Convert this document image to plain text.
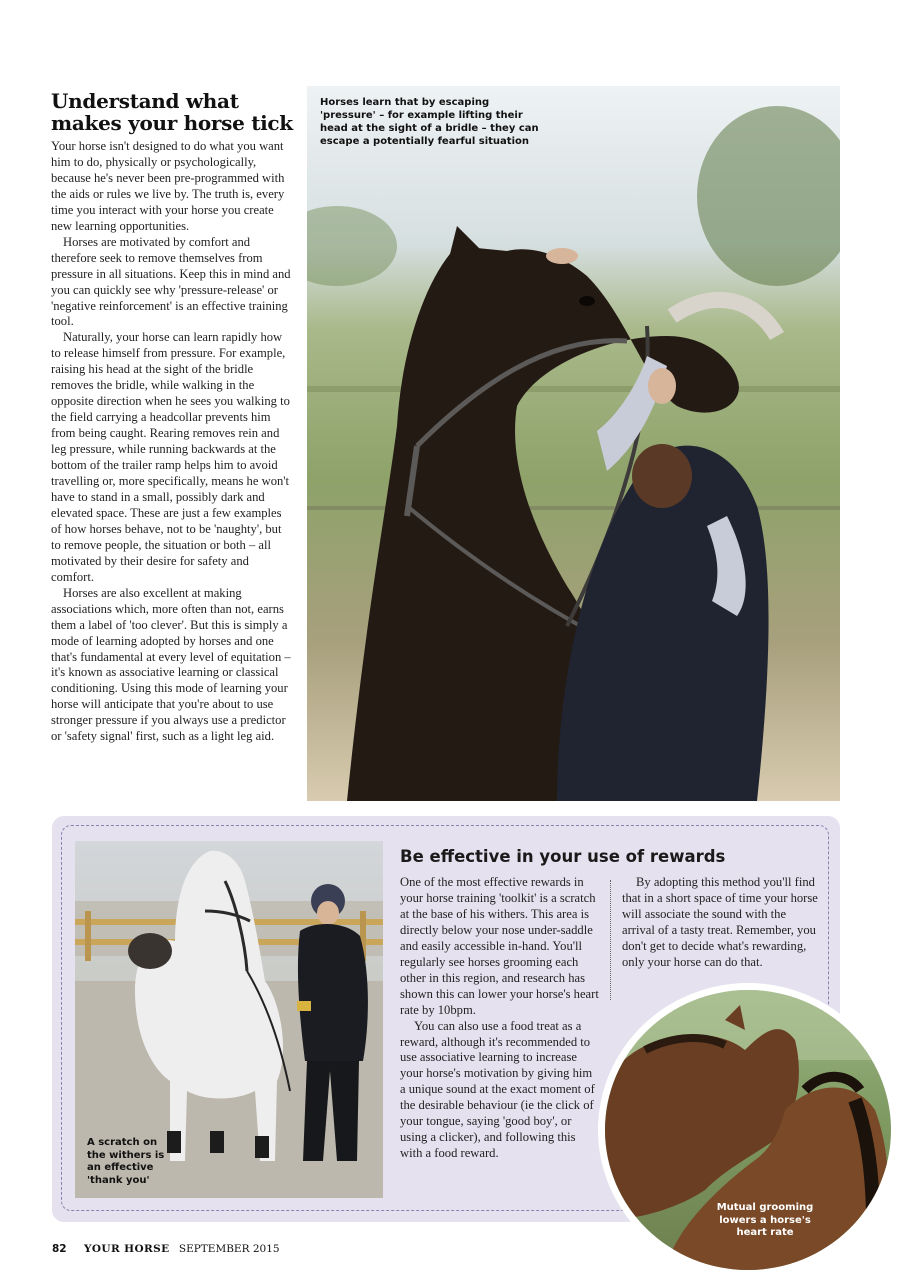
Understand what makes your horse tick

Your horse isn't designed to do what you want him to do, physically or psychologically, because he's never been pre-programmed with the aids or rules we live by. The truth is, every time you interact with your horse you create new learning opportunities.

Horses are motivated by comfort and therefore seek to remove themselves from pressure in all situations. Keep this in mind and you can quickly see why 'pressure-release' or 'negative reinforcement' is an effective training tool.

Naturally, your horse can learn rapidly how to release himself from pressure. For example, raising his head at the sight of the bridle removes the bridle, while walking in the opposite direction when he sees you walking to the field carrying a headcollar prevents him from being caught. Rearing removes rein and leg pressure, while running backwards at the bottom of the trailer ramp helps him to avoid travelling or, more specifically, means he won't have to stand in a small, possibly dark and elevated space. These are just a few examples of how horses behave, not to be 'naughty', but to remove people, the situation or both – all motivated by their desire for safety and comfort.

Horses are also excellent at making associations which, more often than not, earns them a label of 'too clever'. But this is simply a mode of learning adopted by horses and one that's fundamental at every level of equitation – it's known as associative learning or classical conditioning. Using this mode of learning your horse will anticipate that you're about to use stronger pressure if you always use a predictor or 'safety signal' first, such as a light leg aid.

Horses learn that by escaping 'pressure' – for example lifting their head at the sight of a bridle – they can escape a potentially fearful situation

A scratch on the withers is an effective 'thank you'

Be effective in your use of rewards

One of the most effective rewards in your horse training 'toolkit' is a scratch at the base of his withers. This area is directly below your nose under-saddle and easily accessible in-hand. You'll regularly see horses grooming each other in this region, and research has shown this can lower your horse's heart rate by 10bpm.

You can also use a food treat as a reward, although it's recommended to use associative learning to increase your horse's motivation by giving him a unique sound at the exact moment of the desirable behaviour (ie the click of your tongue, saying 'good boy', or using a clicker), and following this with a food reward.

By adopting this method you'll find that in a short space of time your horse will associate the sound with the arrival of a tasty treat. Remember, you don't get to decide what's rewarding, only your horse can do that.

Mutual grooming lowers a horse's heart rate

82 YOUR HORSE SEPTEMBER 2015
